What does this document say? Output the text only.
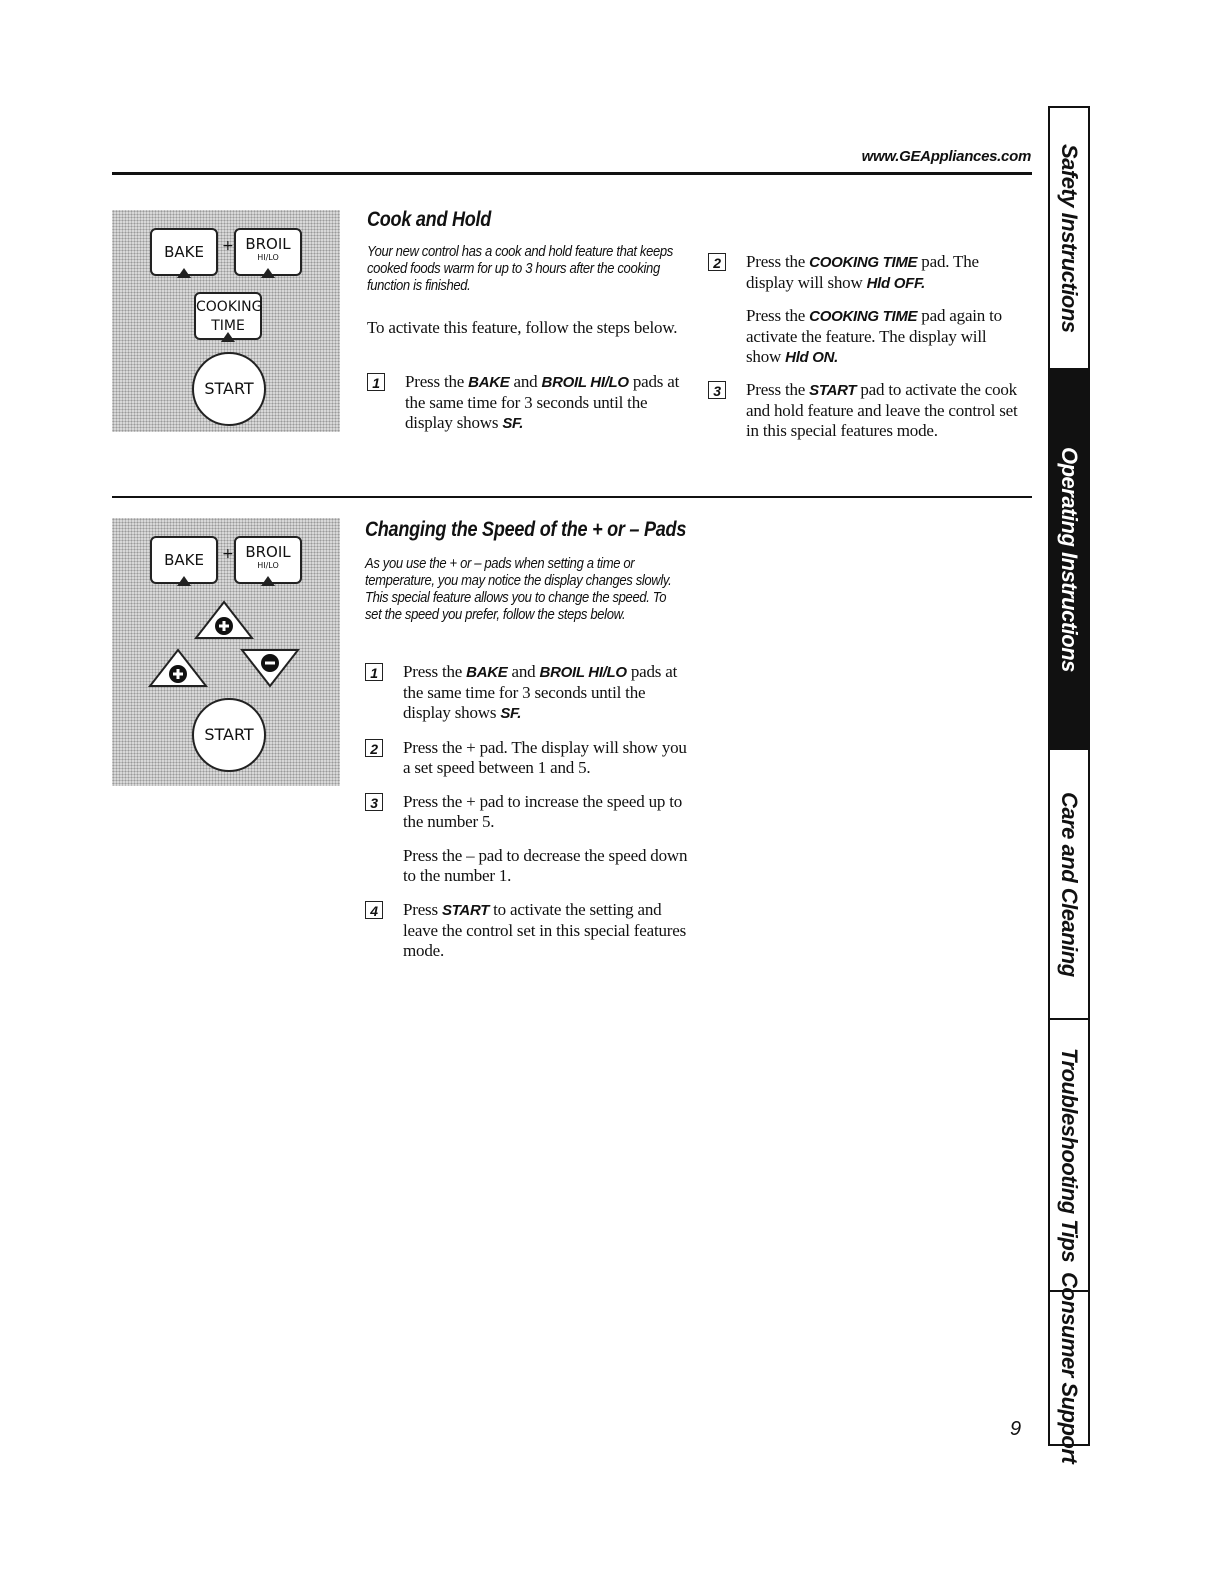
www.GEAppliances.com
BAKE	+ BROIL
HI/LO
COOKING
TIME
START
Cook and Hold
Your new control has a cook and hold feature that keeps cooked foods warm for up to 3 hours after the cooking function is finished.
To activate this feature, follow the steps below.
1	Press the BAKE and BROIL HI/LO pads at the same time for 3 seconds until the display shows SF.
2	Press the COOKING TIME pad. The display will show Hld OFF.
Press the COOKING TIME pad again to activate the feature. The display will show Hld ON.
3	Press the START pad to activate the cook and hold feature and leave the control set in this special features mode.
BAKE	+ BROIL
HI/LO
START
Changing the Speed of the + or – Pads
As you use the + or – pads when setting a time or temperature, you may notice the display changes slowly. This special feature allows you to change the speed. To set the speed you prefer, follow the steps below.
1	Press the BAKE and BROIL HI/LO pads at the same time for 3 seconds until the display shows SF.
2	Press the + pad. The display will show you a set speed between 1 and 5.
3	Press the + pad to increase the speed up to the number 5.
Press the – pad to decrease the speed down to the number 1.
4	Press START to activate the setting and leave the control set in this special features mode.
Safety Instructions
Operating Instructions
Care and Cleaning
Troubleshooting Tips
Consumer Support
9
